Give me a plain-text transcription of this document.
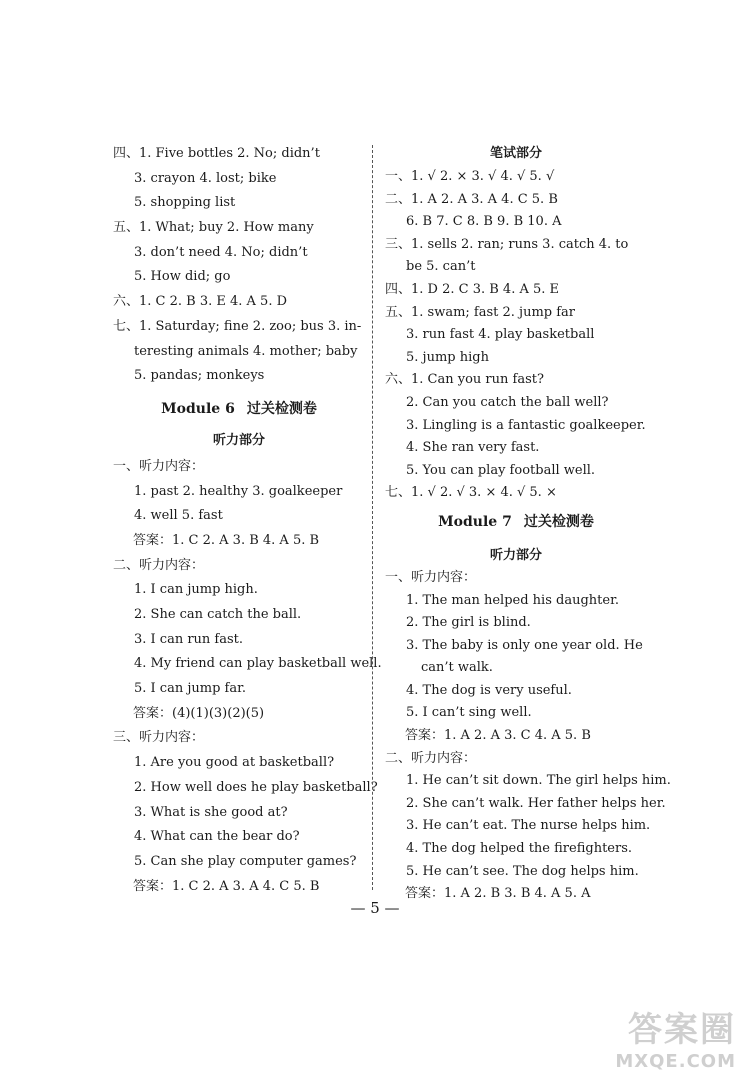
四、1. Five bottles 2. No; didn’t
3. crayon 4. lost; bike
5. shopping list
五、1. What; buy 2. How many
3. don’t need 4. No; didn’t
5. How did; go
六、1. C 2. B 3. E 4. A 5. D
七、1. Saturday; fine 2. zoo; bus 3. in-
teresting animals 4. mother; baby
5. pandas; monkeys
Module 6 过关检测卷
听力部分
一、听力内容：
1. past 2. healthy 3. goalkeeper
4. well 5. fast
答案：1. C 2. A 3. B 4. A 5. B
二、听力内容：
1. I can jump high.
2. She can catch the ball.
3. I can run fast.
4. My friend can play basketball well.
5. I can jump far.
答案：(4)(1)(3)(2)(5)
三、听力内容：
1. Are you good at basketball?
2. How well does he play basketball?
3. What is she good at?
4. What can the bear do?
5. Can she play computer games?
答案：1. C 2. A 3. A 4. C 5. B
笔试部分
一、1. √ 2. × 3. √ 4. √ 5. √
二、1. A 2. A 3. A 4. C 5. B
6. B 7. C 8. B 9. B 10. A
三、1. sells 2. ran; runs 3. catch 4. to
be 5. can’t
四、1. D 2. C 3. B 4. A 5. E
五、1. swam; fast 2. jump far
3. run fast 4. play basketball
5. jump high
六、1. Can you run fast?
2. Can you catch the ball well?
3. Lingling is a fantastic goalkeeper.
4. She ran very fast.
5. You can play football well.
七、1. √ 2. √ 3. × 4. √ 5. ×
Module 7 过关检测卷
听力部分
一、听力内容：
1. The man helped his daughter.
2. The girl is blind.
3. The baby is only one year old. He
can’t walk.
4. The dog is very useful.
5. I can’t sing well.
答案：1. A 2. A 3. C 4. A 5. B
二、听力内容：
1. He can’t sit down. The girl helps him.
2. She can’t walk. Her father helps her.
3. He can’t eat. The nurse helps him.
4. The dog helped the firefighters.
5. He can’t see. The dog helps him.
答案：1. A 2. B 3. B 4. A 5. A
— 5 —
答案圈
MXQE.COM
